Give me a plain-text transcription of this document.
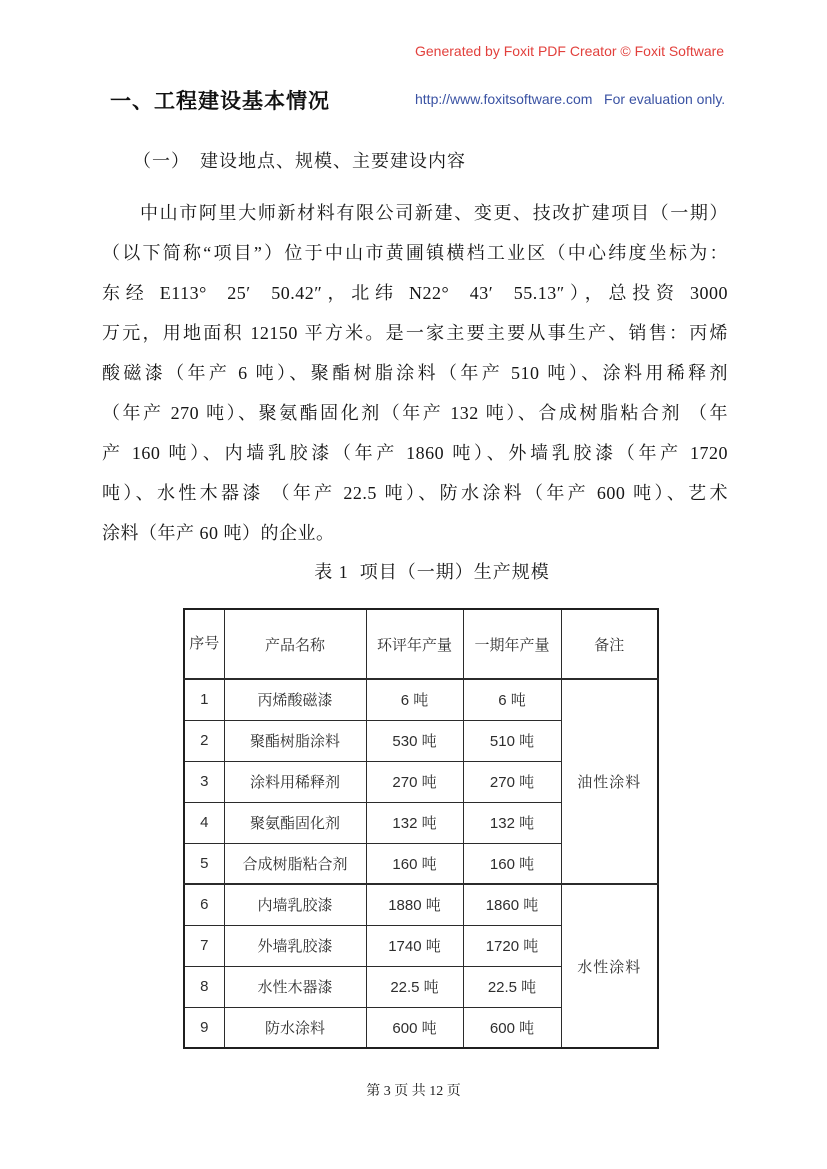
Generated by Foxit PDF Creator © Foxit Software

http://www.foxitsoftware.com   For evaluation only.

一、工程建设基本情况
（一）　建设地点、规模、主要建设内容
中山市阿里大师新材料有限公司新建、变更、技改扩建项目（一期）
（以下简称“项目”）位于中山市黄圃镇横档工业区（中心纬度坐标为：
东经 E113°  25′  50.42″，北纬 N22°  43′  55.13″），总投资 3000
万元，用地面积 12150 平方米。是一家主要主要从事生产、销售：丙烯
酸磁漆（年产 6 吨）、聚酯树脂涂料（年产 510 吨）、涂料用稀释剂
（年产 270 吨）、聚氨酯固化剂（年产 132 吨）、合成树脂粘合剂 （年
产 160 吨）、内墙乳胶漆（年产 1860 吨）、外墙乳胶漆（年产 1720
吨）、水性木器漆 （年产 22.5 吨）、防水涂料（年产 600 吨）、艺术
涂料（年产 60 吨）的企业。
表 1  项目（一期）生产规模
序号	产品名称	环评年产量	一期年产量	备注
1	丙烯酸磁漆	6 吨	6 吨	油性涂料
2	聚酯树脂涂料	530 吨	510 吨	
3	涂料用稀释剂	270 吨	270 吨	
4	聚氨酯固化剂	132 吨	132 吨	
5	合成树脂粘合剂	160 吨	160 吨	
6	内墙乳胶漆	1880 吨	1860 吨	水性涂料
7	外墙乳胶漆	1740 吨	1720 吨	
8	水性木器漆	22.5 吨	22.5 吨	
9	防水涂料	600 吨	600 吨	
第 3 页 共 12 页
